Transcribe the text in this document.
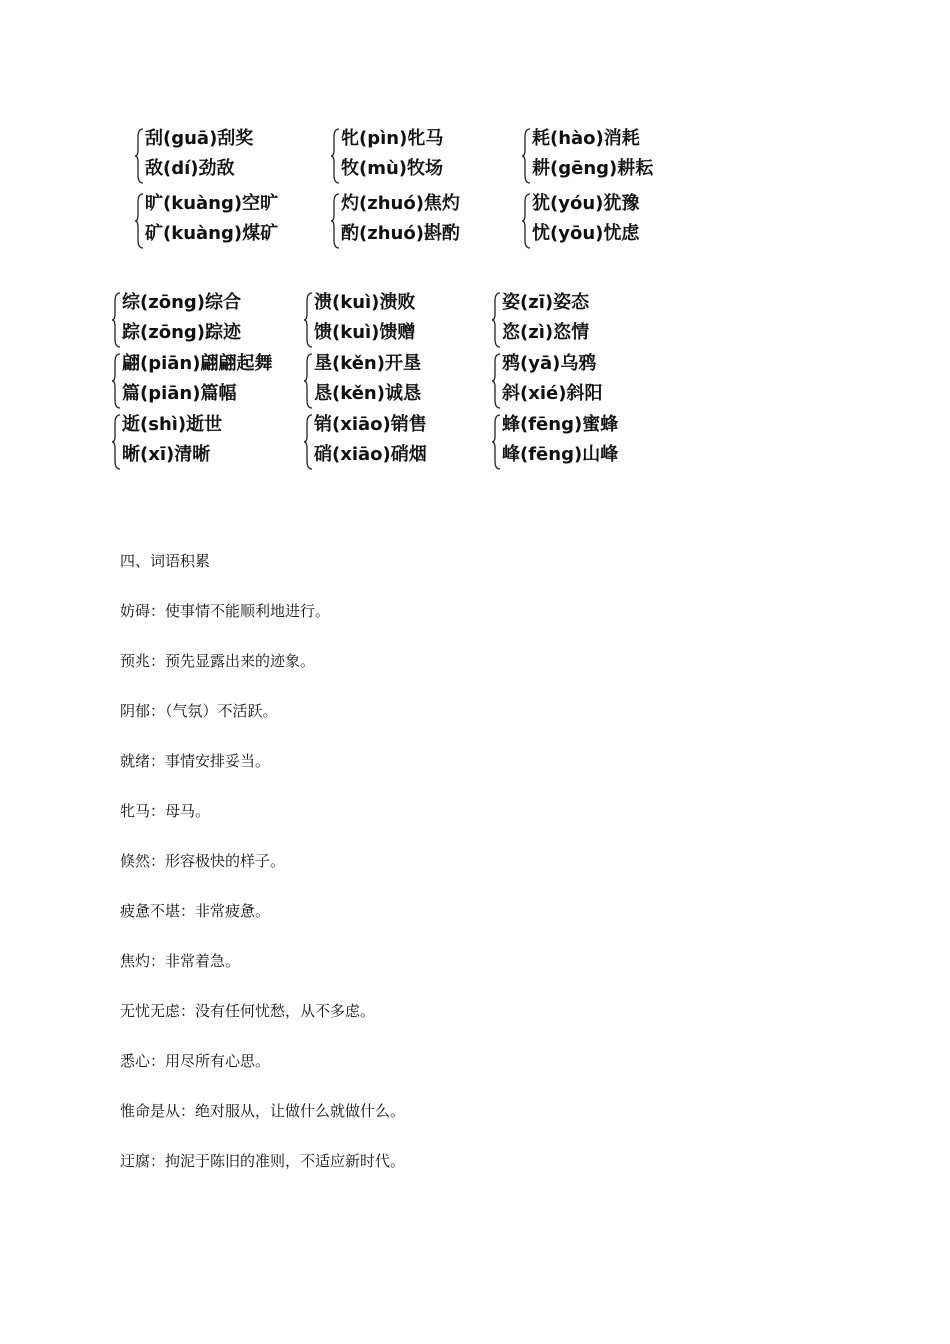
刮(guā)刮奖
敌(dí)劲敌
牝(pìn)牝马
牧(mù)牧场
耗(hào)消耗
耕(gēng)耕耘
旷(kuàng)空旷
矿(kuàng)煤矿
灼(zhuó)焦灼
酌(zhuó)斟酌
犹(yóu)犹豫
忧(yōu)忧虑
综(zōng)综合
踪(zōng)踪迹
溃(kuì)溃败
馈(kuì)馈赠
姿(zī)姿态
恣(zì)恣情
翩(piān)翩翩起舞
篇(piān)篇幅
垦(kěn)开垦
恳(kěn)诚恳
鸦(yā)乌鸦
斜(xié)斜阳
逝(shì)逝世
晰(xī)清晰
销(xiāo)销售
硝(xiāo)硝烟
蜂(fēng)蜜蜂
峰(fēng)山峰
四、词语积累
妨碍：使事情不能顺利地进行。
预兆：预先显露出来的迹象。
阴郁：（气氛）不活跃。
就绪：事情安排妥当。
牝马：母马。
倏然：形容极快的样子。
疲惫不堪：非常疲惫。
焦灼：非常着急。
无忧无虑：没有任何忧愁，从不多虑。
悉心：用尽所有心思。
惟命是从：绝对服从，让做什么就做什么。
迂腐：拘泥于陈旧的准则，不适应新时代。
